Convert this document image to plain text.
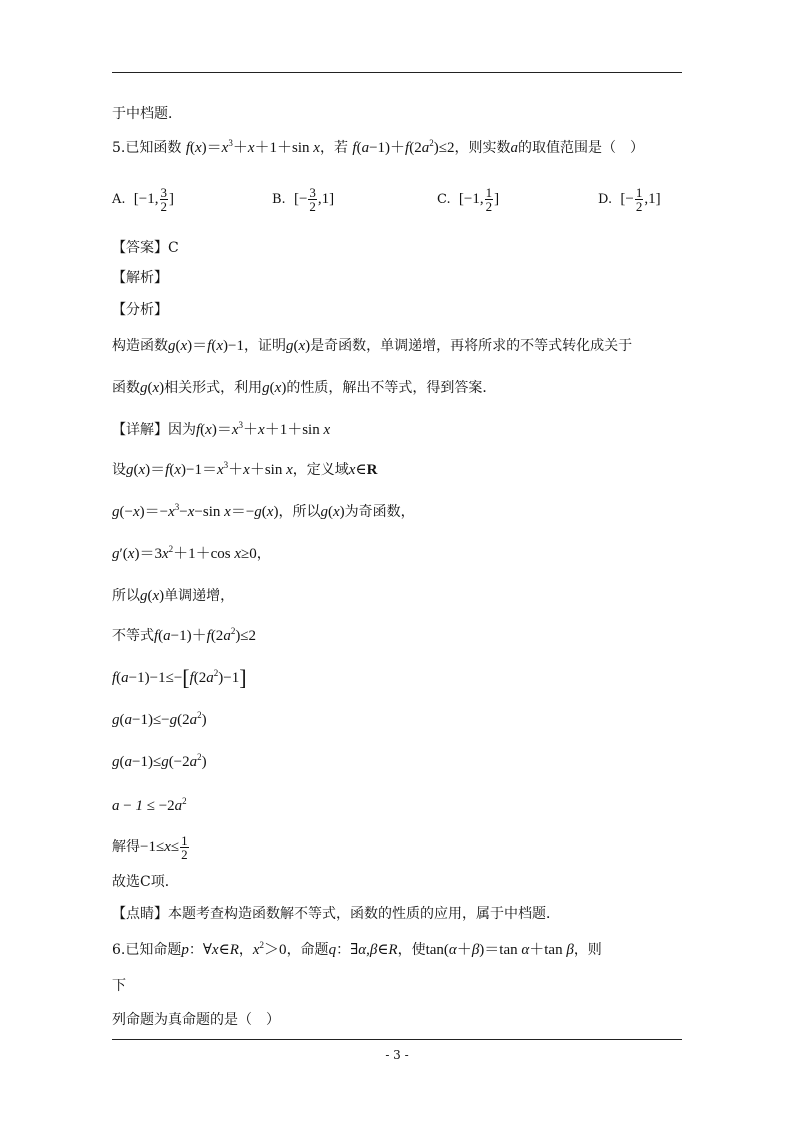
于中档题．
5.已知函数 $f(x)=x^3+x+1+\sin$ x，若 $f(a-1)+f(2a^2)\le 2$，则实数a的取值范围是（　）
A. [−1, $\frac{3}{2}$ ]	B. [− $\frac{3}{2} ,1$]	C. [−1, $\frac{1}{2}$ ]	D. [− $\frac{1}{2} ,1$]
【答案】C
【解析】
【分析】
构造函数g(x)＝f(x)−1，证明g(x)是奇函数，单调递增，再将所求的不等式转化成关于
函数g(x)相关形式，利用g(x)的性质，解出不等式，得到答案．
【详解】因为$f(x)=x^3+x+1+\sin$ x
设$g(x)=f(x)-1=x^3+x+\sin$ x，定义域x∈R
$g(-x)=-x^3-x-\sin$ x＝−g(x)，所以g(x)为奇函数，
$g'(x)=3x^2+1+\cos$ x≥0，
所以g(x)单调递增，
不等式$f(a-1)+f(2a^2)\le 2$
$f(a-1)-1\le-[f(2a^2)-1]$
$g(a-1)\le-g(2a^2)$
$g(a-1)\le g(-2a^2)$
$a - 1 \le -2a^2$
解得$-1\le x\le \frac{1}{2}$
故选C项．
【点睛】本题考查构造函数解不等式，函数的性质的应用，属于中档题．
6.已知命题p：∀x∈R，$x^2>0$，命题q：∃α,β∈R，使tan(α＋β)＝tan α＋tan β，则
下
列命题为真命题的是（　）
- 3 -
